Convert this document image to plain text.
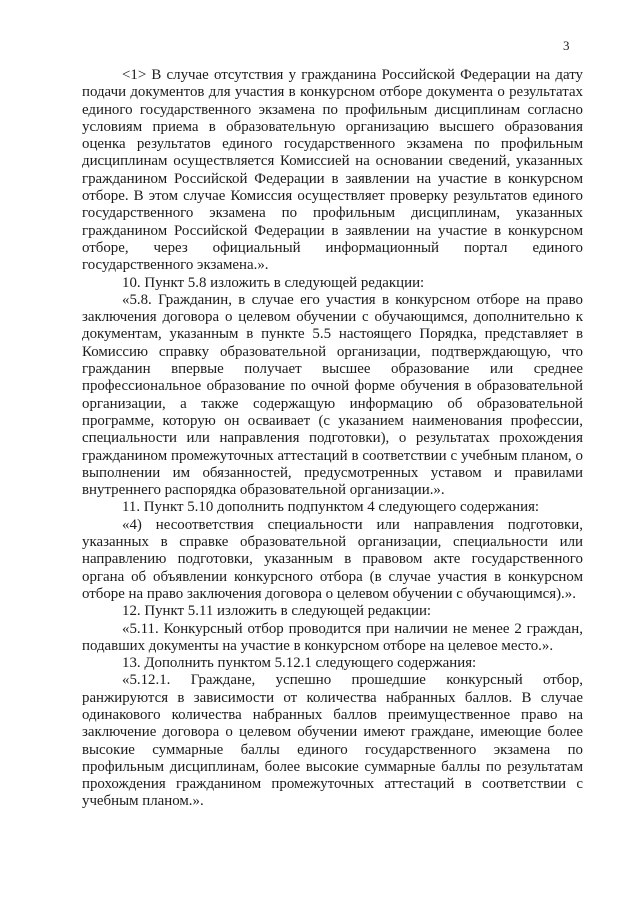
3

<1> В случае отсутствия у гражданина Российской Федерации на дату подачи документов для участия в конкурсном отборе документа о результатах единого государственного экзамена по профильным дисциплинам согласно условиям приема в образовательную организацию высшего образования оценка результатов единого государственного экзамена по профильным дисциплинам осуществляется Комиссией на основании сведений, указанных гражданином Российской Федерации в заявлении на участие в конкурсном отборе. В этом случае Комиссия осуществляет проверку результатов единого государственного экзамена по профильным дисциплинам, указанных гражданином Российской Федерации в заявлении на участие в конкурсном отборе, через официальный информационный портал единого государственного экзамена.».

10. Пункт 5.8 изложить в следующей редакции:

«5.8. Гражданин, в случае его участия в конкурсном отборе на право заключения договора о целевом обучении с обучающимся, дополнительно к документам, указанным в пункте 5.5 настоящего Порядка, представляет в Комиссию справку образовательной организации, подтверждающую, что гражданин впервые получает высшее образование или среднее профессиональное образование по очной форме обучения в образовательной организации, а также содержащую информацию об образовательной программе, которую он осваивает (с указанием наименования профессии, специальности или направления подготовки), о результатах прохождения гражданином промежуточных аттестаций в соответствии с учебным планом, о выполнении им обязанностей, предусмотренных уставом и правилами внутреннего распорядка образовательной организации.».

11. Пункт 5.10 дополнить подпунктом 4 следующего содержания:

«4) несоответствия специальности или направления подготовки, указанных в справке образовательной организации, специальности или направлению подготовки, указанным в правовом акте государственного органа об объявлении конкурсного отбора (в случае участия в конкурсном отборе на право заключения договора о целевом обучении с обучающимся).».

12. Пункт 5.11 изложить в следующей редакции:

«5.11. Конкурсный отбор проводится при наличии не менее 2 граждан, подавших документы на участие в конкурсном отборе на целевое место.».

13. Дополнить пунктом 5.12.1 следующего содержания:

«5.12.1. Граждане, успешно прошедшие конкурсный отбор, ранжируются в зависимости от количества набранных баллов. В случае одинакового количества набранных баллов преимущественное право на заключение договора о целевом обучении имеют граждане, имеющие более высокие суммарные баллы единого государственного экзамена по профильным дисциплинам, более высокие суммарные баллы по результатам прохождения гражданином промежуточных аттестаций в соответствии с учебным планом.».
